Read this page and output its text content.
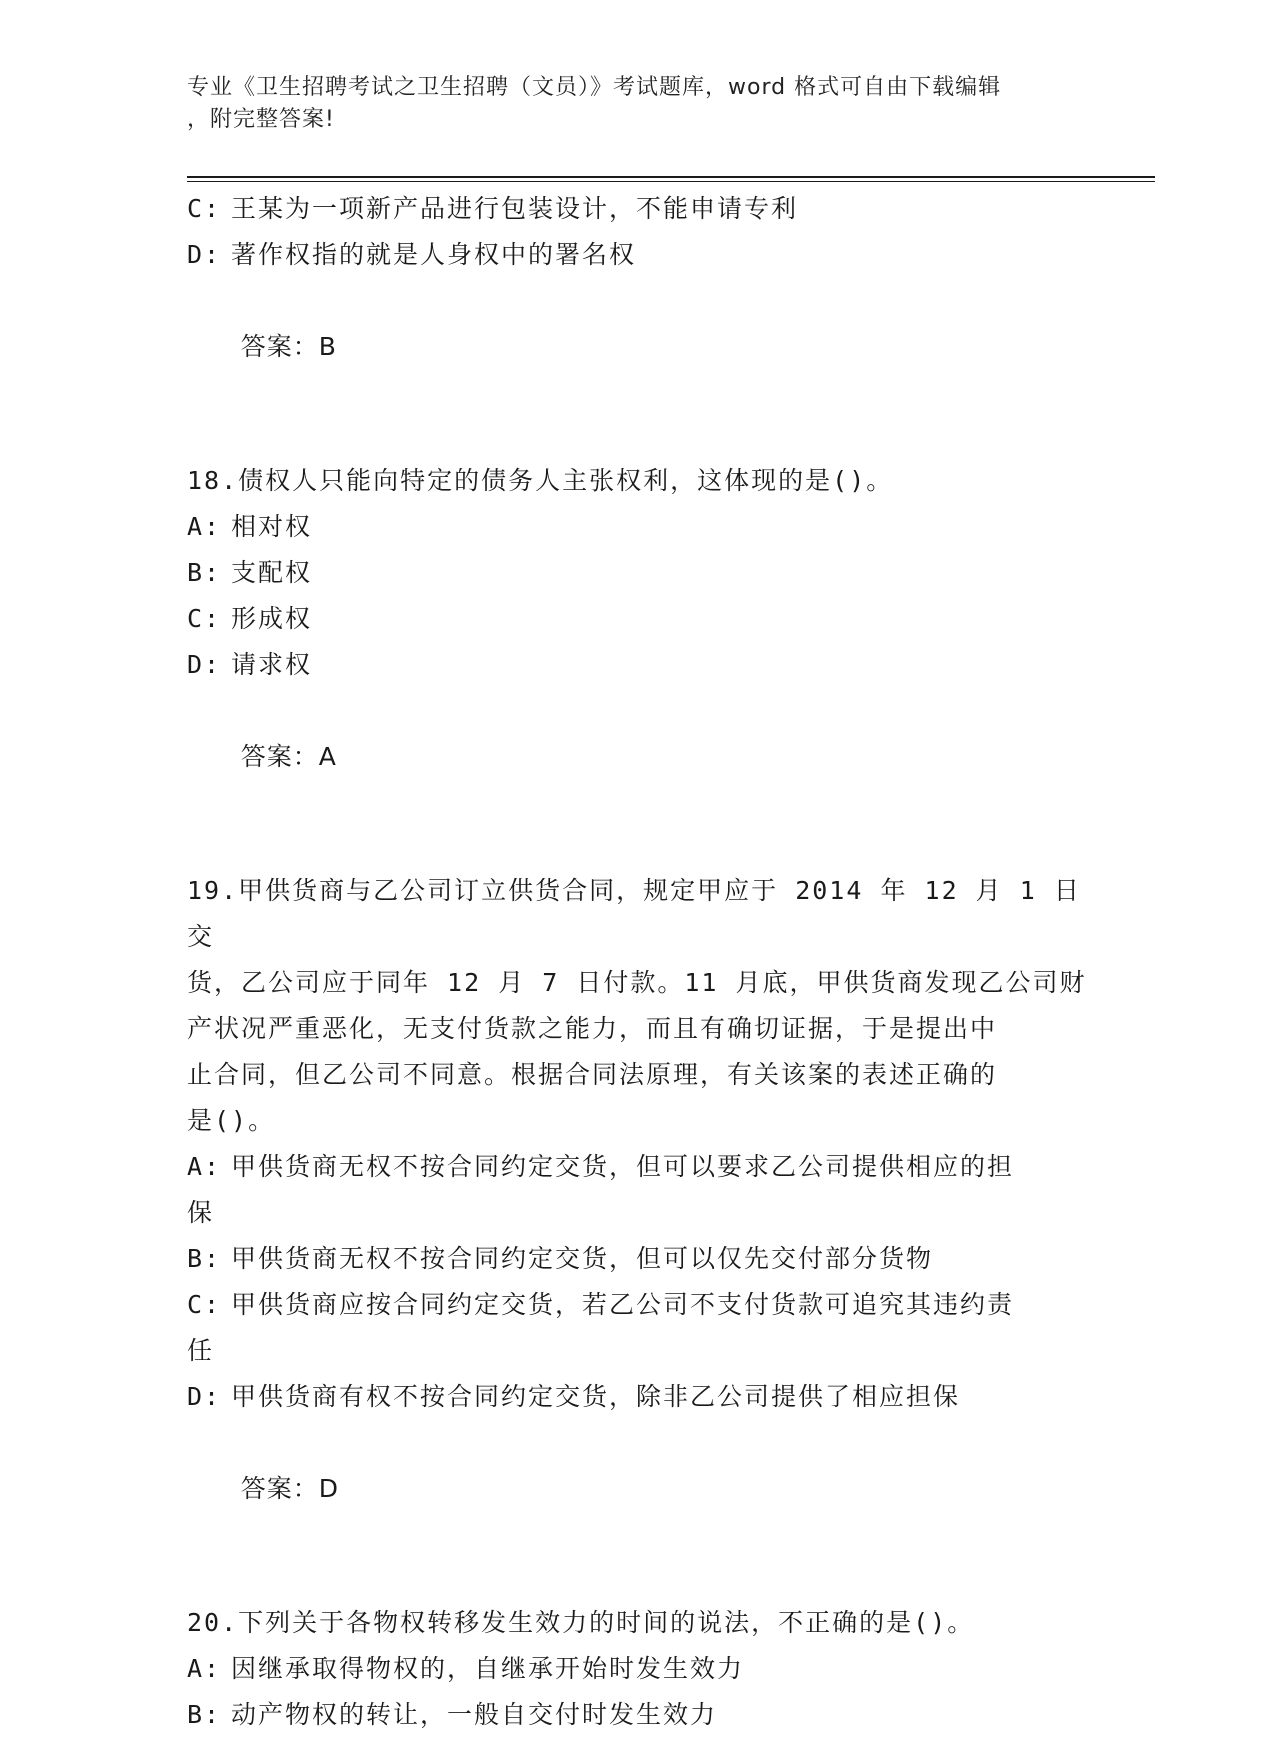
专业《卫生招聘考试之卫生招聘（文员）》考试题库，word 格式可自由下载编辑
，附完整答案!
C: 王某为一项新产品进行包装设计，不能申请专利
D: 著作权指的就是人身权中的署名权

答案：B

18.债权人只能向特定的债务人主张权利，这体现的是()。
A: 相对权
B: 支配权
C: 形成权
D: 请求权

答案：A

19.甲供货商与乙公司订立供货合同，规定甲应于 2014 年 12 月 1 日交
货，乙公司应于同年 12 月 7 日付款。11 月底，甲供货商发现乙公司财
产状况严重恶化，无支付货款之能力，而且有确切证据，于是提出中
止合同，但乙公司不同意。根据合同法原理，有关该案的表述正确的
是()。
A: 甲供货商无权不按合同约定交货，但可以要求乙公司提供相应的担
保
B: 甲供货商无权不按合同约定交货，但可以仅先交付部分货物
C: 甲供货商应按合同约定交货，若乙公司不支付货款可追究其违约责
任
D: 甲供货商有权不按合同约定交货，除非乙公司提供了相应担保

答案：D

20.下列关于各物权转移发生效力的时间的说法，不正确的是()。
A: 因继承取得物权的，自继承开始时发生效力
B: 动产物权的转让，一般自交付时发生效力
